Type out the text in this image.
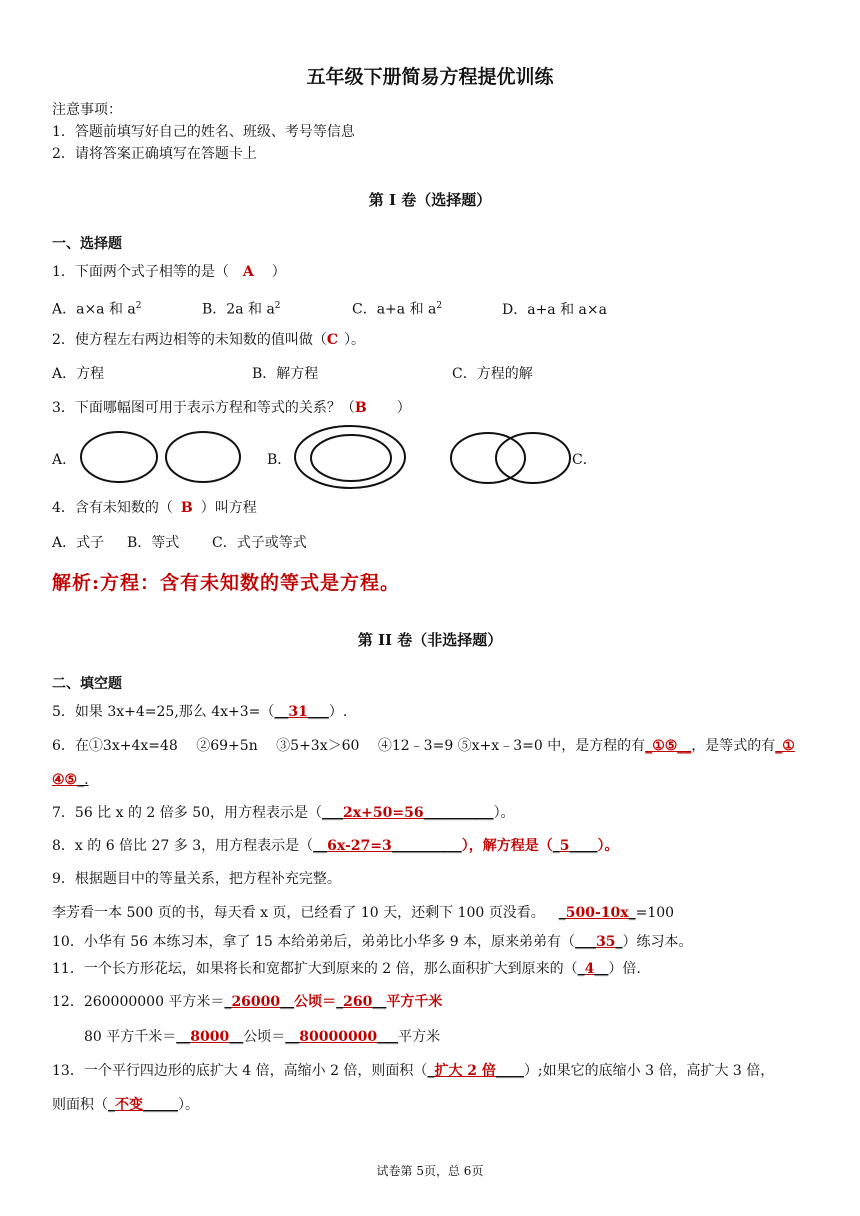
五年级下册简易方程提优训练
注意事项：
1．答题前填写好自己的姓名、班级、考号等信息
2．请将答案正确填写在答题卡上
第 I 卷（选择题）
一、选择题
1．下面两个式子相等的是（ A ）
A．a×a 和 $a^2$	B．2a 和 $a^2$	C．a+a 和 $a^2$	D．a+a 和 a×a
2．使方程左右两边相等的未知数的值叫做（C ）。
A．方程	B．解方程	C．方程的解
3．下面哪幅图可用于表示方程和等式的关系？（B ）
A．	B．	C．
4．含有未知数的（ B ）叫方程
A．式子 B．等式 C．式子或等式
解析:方程：含有未知数的等式是方程。
第 II 卷（非选择题）
二、填空题
5．如果 3x+4=25,那么 4x+3=（__31___）.
6．在①3x+4x=48　 ②69+5n　 ③5+3x＞60　 ④12﹣3=9 ⑤x+x﹣3=0 中，是方程的有_①⑤__，是等式的有_①
④⑤_.
7．56 比 x 的 2 倍多 50，用方程表示是（___2x+50=56__________）。
8．x 的 6 倍比 27 多 3，用方程表示是（__6x-27=3__________），解方程是（_5____）。
9．根据题目中的等量关系，把方程补充完整。
李芳看一本 500 页的书，每天看 x 页，已经看了 10 天，还剩下 100 页没看。 _500-10x_=100
10．小华有 56 本练习本，拿了 15 本给弟弟后，弟弟比小华多 9 本，原来弟弟有（___35_）练习本。
11．一个长方形花坛，如果将长和宽都扩大到原来的 2 倍，那么面积扩大到原来的（_4__）倍.
12．260000000 平方米＝_26000__公顷＝_260__平方千米
80 平方千米＝__8000__公顷＝__80000000___平方米
13．一个平行四边形的底扩大 4 倍，高缩小 2 倍，则面积（_扩大 2 倍____）;如果它的底缩小 3 倍，高扩大 3 倍，
则面积（_不变_____）。
试卷第 5页，总 6页
